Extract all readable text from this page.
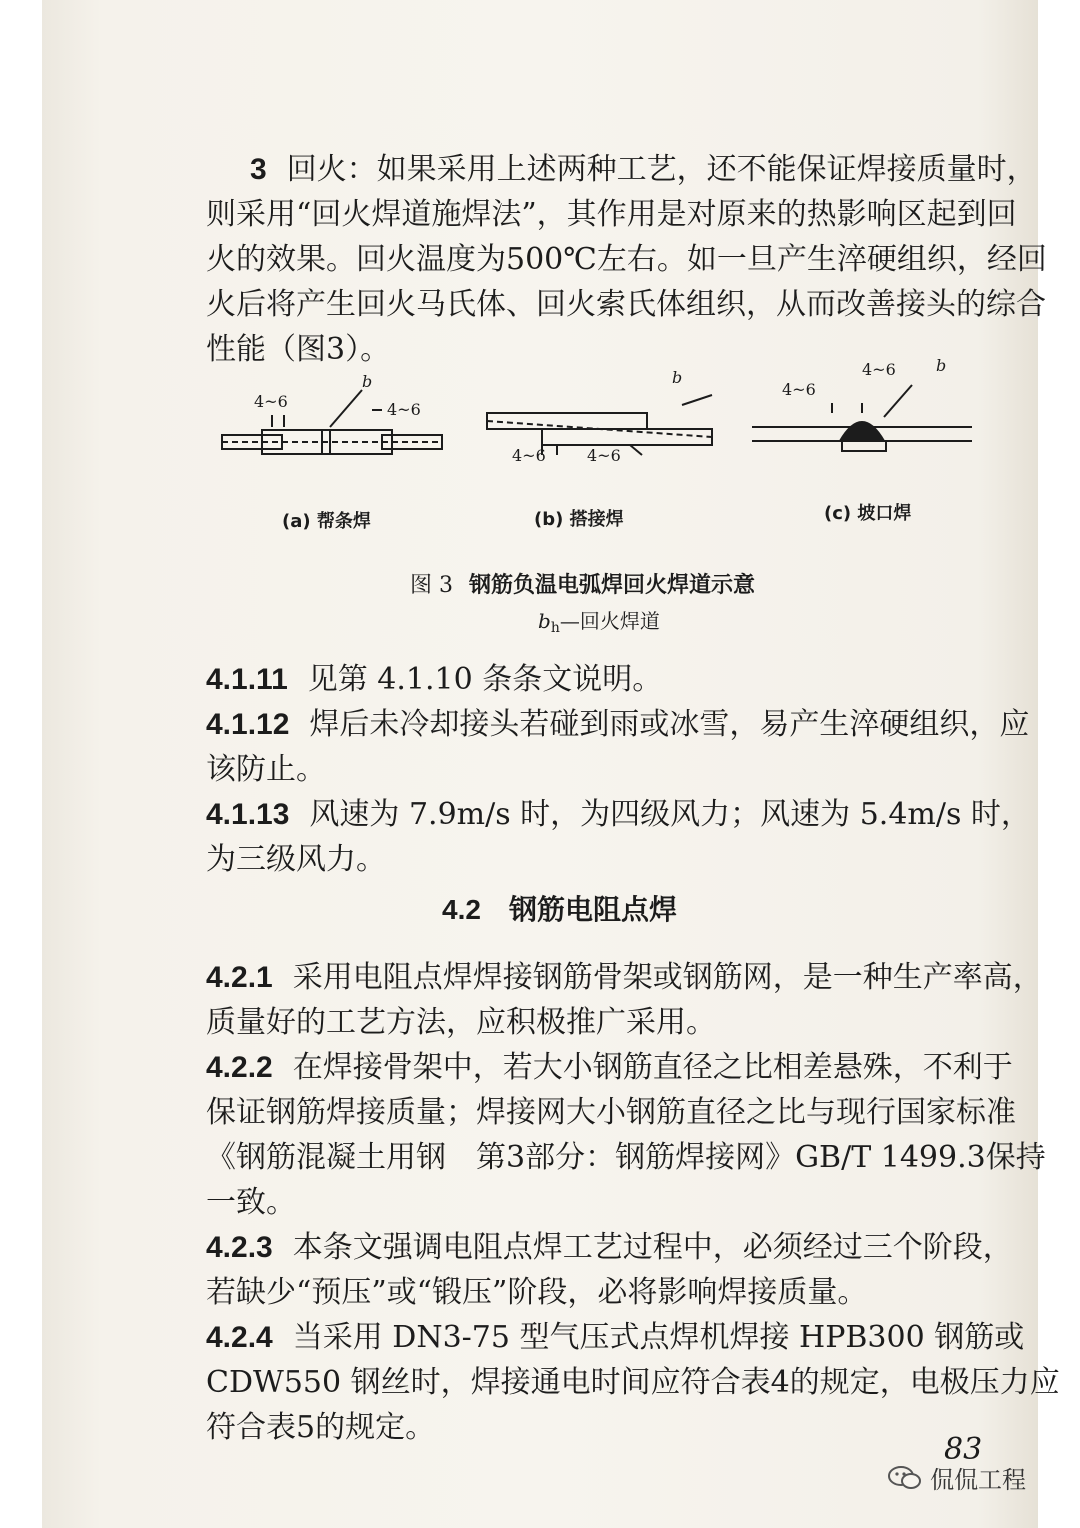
3 回火：如果采用上述两种工艺，还不能保证焊接质量时，
则采用“回火焊道施焊法”，其作用是对原来的热影响区起到回
火的效果。回火温度为500℃左右。如一旦产生淬硬组织，经回
火后将产生回火马氏体、回火索氏体组织，从而改善接头的综合
性能（图3）。
4~6
b
4~6
b
4~6	4~6
4~6
4~6	b
(a) 帮条焊	(b) 搭接焊	(c) 坡口焊
图 3 钢筋负温电弧焊回火焊道示意
$b_h—$回火焊道
4.1.11 见第 4.1.10 条条文说明。
4.1.12 焊后未冷却接头若碰到雨或冰雪，易产生淬硬组织，应
该防止。
4.1.13 风速为 7.9m/s 时，为四级风力；风速为 5.4m/s 时，
为三级风力。
4.2 钢筋电阻点焊
4.2.1 采用电阻点焊焊接钢筋骨架或钢筋网，是一种生产率高，
质量好的工艺方法，应积极推广采用。
4.2.2 在焊接骨架中，若大小钢筋直径之比相差悬殊，不利于
保证钢筋焊接质量；焊接网大小钢筋直径之比与现行国家标准
《钢筋混凝土用钢　第3部分：钢筋焊接网》GB/T 1499.3保持
一致。
4.2.3 本条文强调电阻点焊工艺过程中，必须经过三个阶段，
若缺少“预压”或“锻压”阶段，必将影响焊接质量。
4.2.4 当采用 DN3-75 型气压式点焊机焊接 HPB300 钢筋或
CDW550 钢丝时，焊接通电时间应符合表4的规定，电极压力应
符合表5的规定。
83
侃侃工程
